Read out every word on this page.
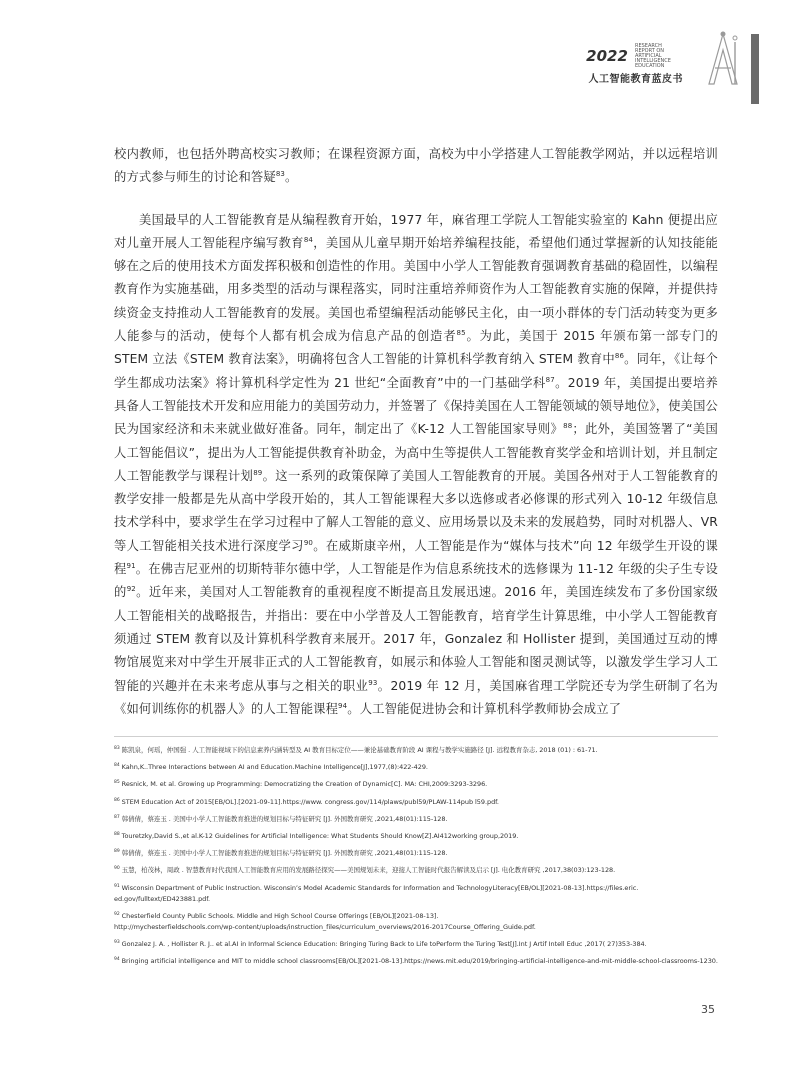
2022 RESEARCH REPORT ON ARTIFICIAL INTELLIGENCE EDUCATION
人工智能教育蓝皮书

校内教师，也包括外聘高校实习教师；在课程资源方面，高校为中小学搭建人工智能教学网站，并以远程培训的方式参与师生的讨论和答疑$^{83}$。

美国最早的人工智能教育是从编程教育开始，1977 年，麻省理工学院人工智能实验室的 Kahn 便提出应对儿童开展人工智能程序编写教育$^{84}$，美国从儿童早期开始培养编程技能，希望他们通过掌握新的认知技能能够在之后的使用技术方面发挥积极和创造性的作用。美国中小学人工智能教育强调教育基础的稳固性，以编程教育作为实施基础，用多类型的活动与课程落实，同时注重培养师资作为人工智能教育实施的保障，并提供持续资金支持推动人工智能教育的发展。美国也希望编程活动能够民主化，由一项小群体的专门活动转变为更多人能参与的活动，使每个人都有机会成为信息产品的创造者$^{85}$。为此，美国于 2015 年颁布第一部专门的 STEM 立法《STEM 教育法案》，明确将包含人工智能的计算机科学教育纳入 STEM 教育中$^{86}$。同年，《让每个学生都成功法案》将计算机科学定性为 21 世纪“全面教育”中的一门基础学科$^{87}$。2019 年，美国提出要培养具备人工智能技术开发和应用能力的美国劳动力，并签署了《保持美国在人工智能领域的领导地位》，使美国公民为国家经济和未来就业做好准备。同年，制定出了《K-12 人工智能国家导则》$^{88}$；此外，美国签署了“美国人工智能倡议”，提出为人工智能提供教育补助金，为高中生等提供人工智能教育奖学金和培训计划，并且制定人工智能教学与课程计划$^{89}$。这一系列的政策保障了美国人工智能教育的开展。美国各州对于人工智能教育的教学安排一般都是先从高中学段开始的，其人工智能课程大多以选修或者必修课的形式列入 10-12 年级信息技术学科中，要求学生在学习过程中了解人工智能的意义、应用场景以及未来的发展趋势，同时对机器人、VR 等人工智能相关技术进行深度学习$^{90}$。在威斯康辛州，人工智能是作为“媒体与技术”向 12 年级学生开设的课程$^{91}$。在佛吉尼亚州的切斯特菲尔德中学，人工智能是作为信息系统技术的选修课为 11-12 年级的尖子生专设的$^{92}$。近年来，美国对人工智能教育的重视程度不断提高且发展迅速。2016 年，美国连续发布了多份国家级人工智能相关的战略报告，并指出：要在中小学普及人工智能教育，培育学生计算思维，中小学人工智能教育须通过 STEM 教育以及计算机科学教育来展开。2017 年，Gonzalez 和 Hollister 提到，美国通过互动的博物馆展览来对中学生开展非正式的人工智能教育，如展示和体验人工智能和图灵测试等，以激发学生学习人工智能的兴趣并在未来考虑从事与之相关的职业$^{93}$。2019 年 12 月，美国麻省理工学院还专为学生研制了名为《如何训练你的机器人》的人工智能课程$^{94}$。人工智能促进协会和计算机科学教师协会成立了

$^{83}$ 陈凯泉，何瑶，仲国强 . 人工智能视域下的信息素养内涵转型及 AI 教育目标定位——兼论基础教育阶段 AI 课程与教学实施路径 [J]. 远程教育杂志, 2018 (01) : 61-71.
$^{84}$ Kahn,K..Three Interactions between AI and Education.Machine Intelligence[J],1977,(8):422-429.
$^{85}$ Resnick, M. et al. Growing up Programming: Democratizing the Creation of Dynamic[C]. MA: CHI,2009:3293-3296.
$^{86}$ STEM Education Act of 2015[EB/OL].[2021-09-11].https://www. congress.gov/114/plaws/publ59/PLAW-114pub l59.pdf.
$^{87}$ 韩倩倩，蔡连玉 . 美国中小学人工智能教育推进的规划目标与特征研究 [J]. 外国教育研究 ,2021,48(01):115-128.
$^{88}$ Touretzky,David S.,et al.K-12 Guidelines for Artificial Intelligence: What Students Should Know[Z].AI412working group,2019.
$^{89}$ 韩倩倩，蔡连玉 . 美国中小学人工智能教育推进的规划目标与特征研究 [J]. 外国教育研究 ,2021,48(01):115-128.
$^{90}$ 玉慧，柏茂林，周政 . 智慧教育时代我国人工智能教育应用的发展路径探究——美国规划未来，迎接人工智能时代报告解读及启示 [J]. 电化教育研究 ,2017,38(03):123-128.
$^{91}$ Wisconsin Department of Public Instruction. Wisconsin’s Model Academic Standards for Information and TechnologyLiteracy[EB/OL][2021-08-13].https://files.eric. ed.gov/fulltext/ED423881.pdf.
$^{92}$ Chesterfield County Public Schools. Middle and High School Course Offerings [EB/OL][2021-08-13].
http://mychesterfieldschools.com/wp-content/uploads/instruction_files/curriculum_overviews/2016-2017Course_Offering_Guide.pdf.
$^{93}$ Gonzalez J. A. , Hollister R. J.. et al.AI in Informal Science Education: Bringing Turing Back to Life toPerform the Turing Test[J].Int J Artif Intell Educ ,2017( 27)353-384.
$^{94}$ Bringing artificial intelligence and MIT to middle school classrooms[EB/OL][2021-08-13].https://news.mit.edu/2019/bringing-artificial-intelligence-and-mit-middle-school-classrooms-1230.
35
